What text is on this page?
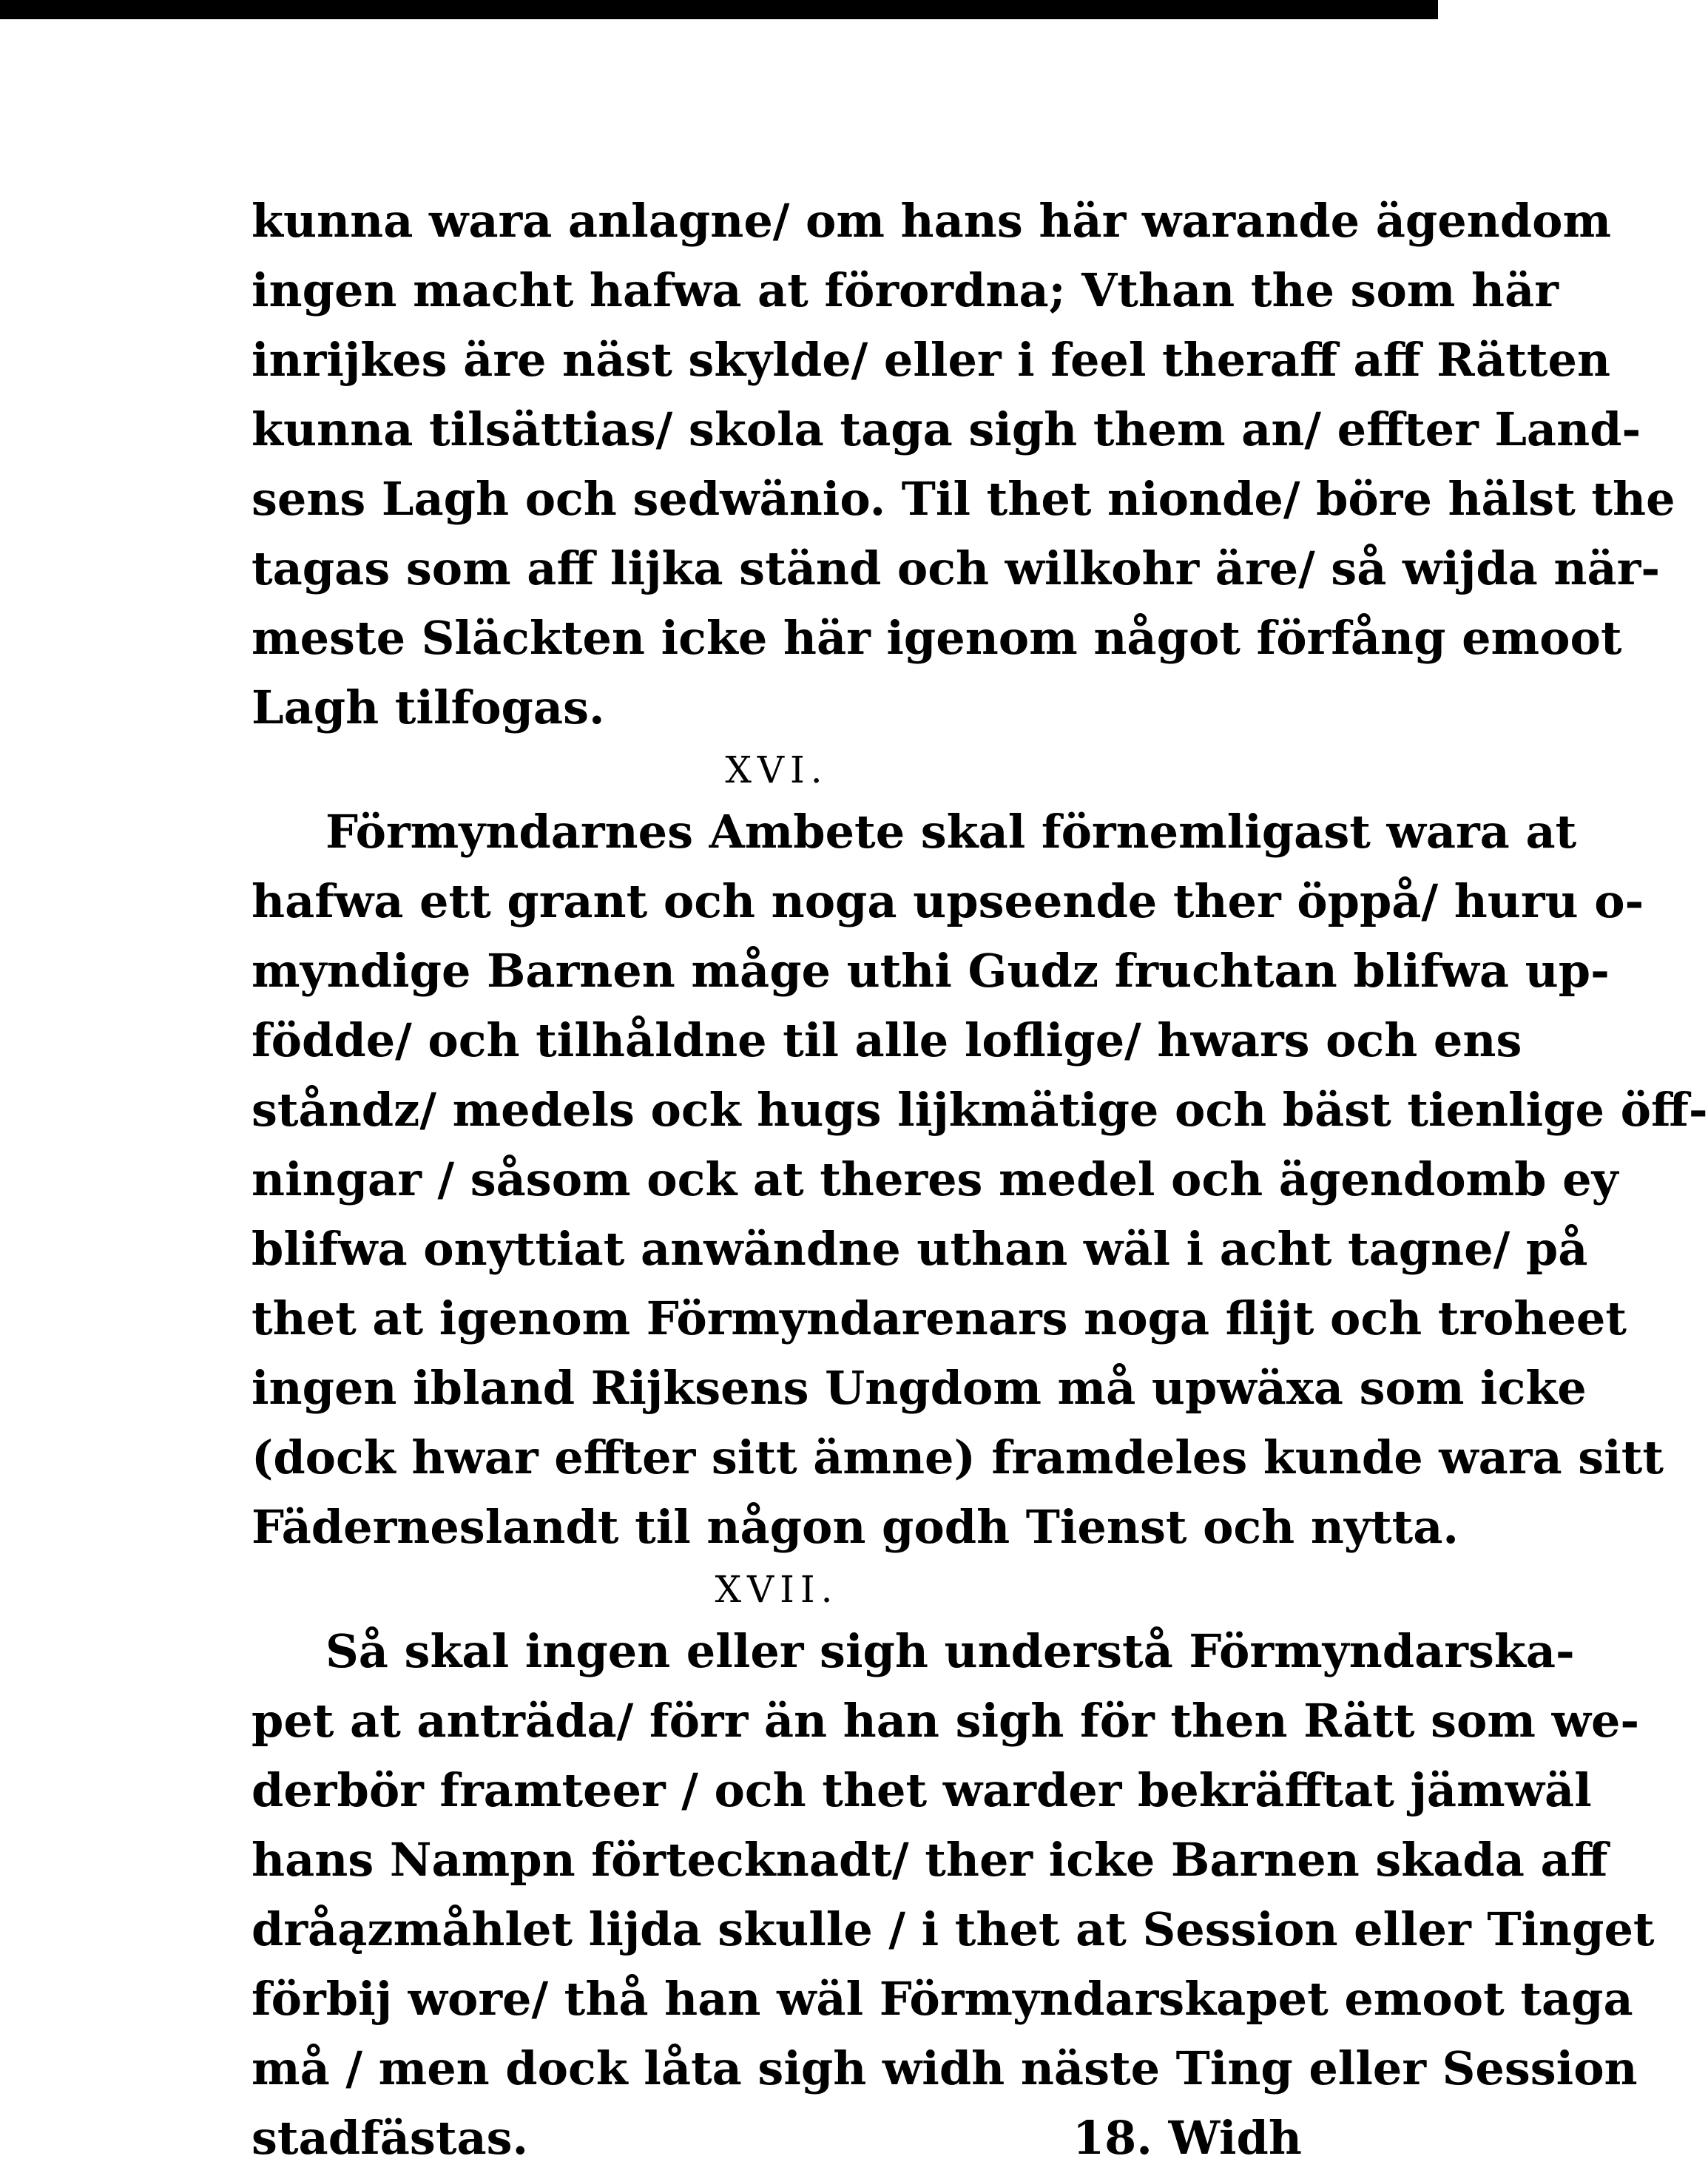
kunna wara anlagne/ om hans här warande ägendom
ingen macht hafwa at förordna; Vthan the som här
inrijkes äre näst skylde/ eller i feel theraff aff Rätten
kunna tilsättias/ skola taga sigh them an/ effter Land-
sens Lagh och sedwänio. Til thet nionde/ böre hälst the
tagas som aff lijka ständ och wilkohr äre/ så wijda när-
meste Släckten icke här igenom något förfång emoot
Lagh tilfogas.
XVI.
Förmyndarnes Ambete skal förnemligast wara at
hafwa ett grant och noga upseende ther öppå/ huru o-
myndige Barnen måge uthi Gudz fruchtan blifwa up-
födde/ och tilhåldne til alle loflige/ hwars och ens
ståndz/ medels ock hugs lijkmätige och bäst tienlige öff-
ningar / såsom ock at theres medel och ägendomb ey
blifwa onyttiat anwändne uthan wäl i acht tagne/ på
thet at igenom Förmyndarenars noga flijt och troheet
ingen ibland Rijksens Ungdom må upwäxa som icke
(dock hwar effter sitt ämne) framdeles kunde wara sitt
Fäderneslandt til någon godh Tienst och nytta.
XVII.
Så skal ingen eller sigh understå Förmyndarska-
pet at anträda/ förr än han sigh för then Rätt som we-
derbör framteer / och thet warder bekräfftat jämwäl
hans Nampn förtecknadt/ ther icke Barnen skada aff
dråązmåhlet lijda skulle / i thet at Session eller Tinget
förbij wore/ thå han wäl Förmyndarskapet emoot taga
må / men dock låta sigh widh näste Ting eller Session
stadfästas.	18. Widh
